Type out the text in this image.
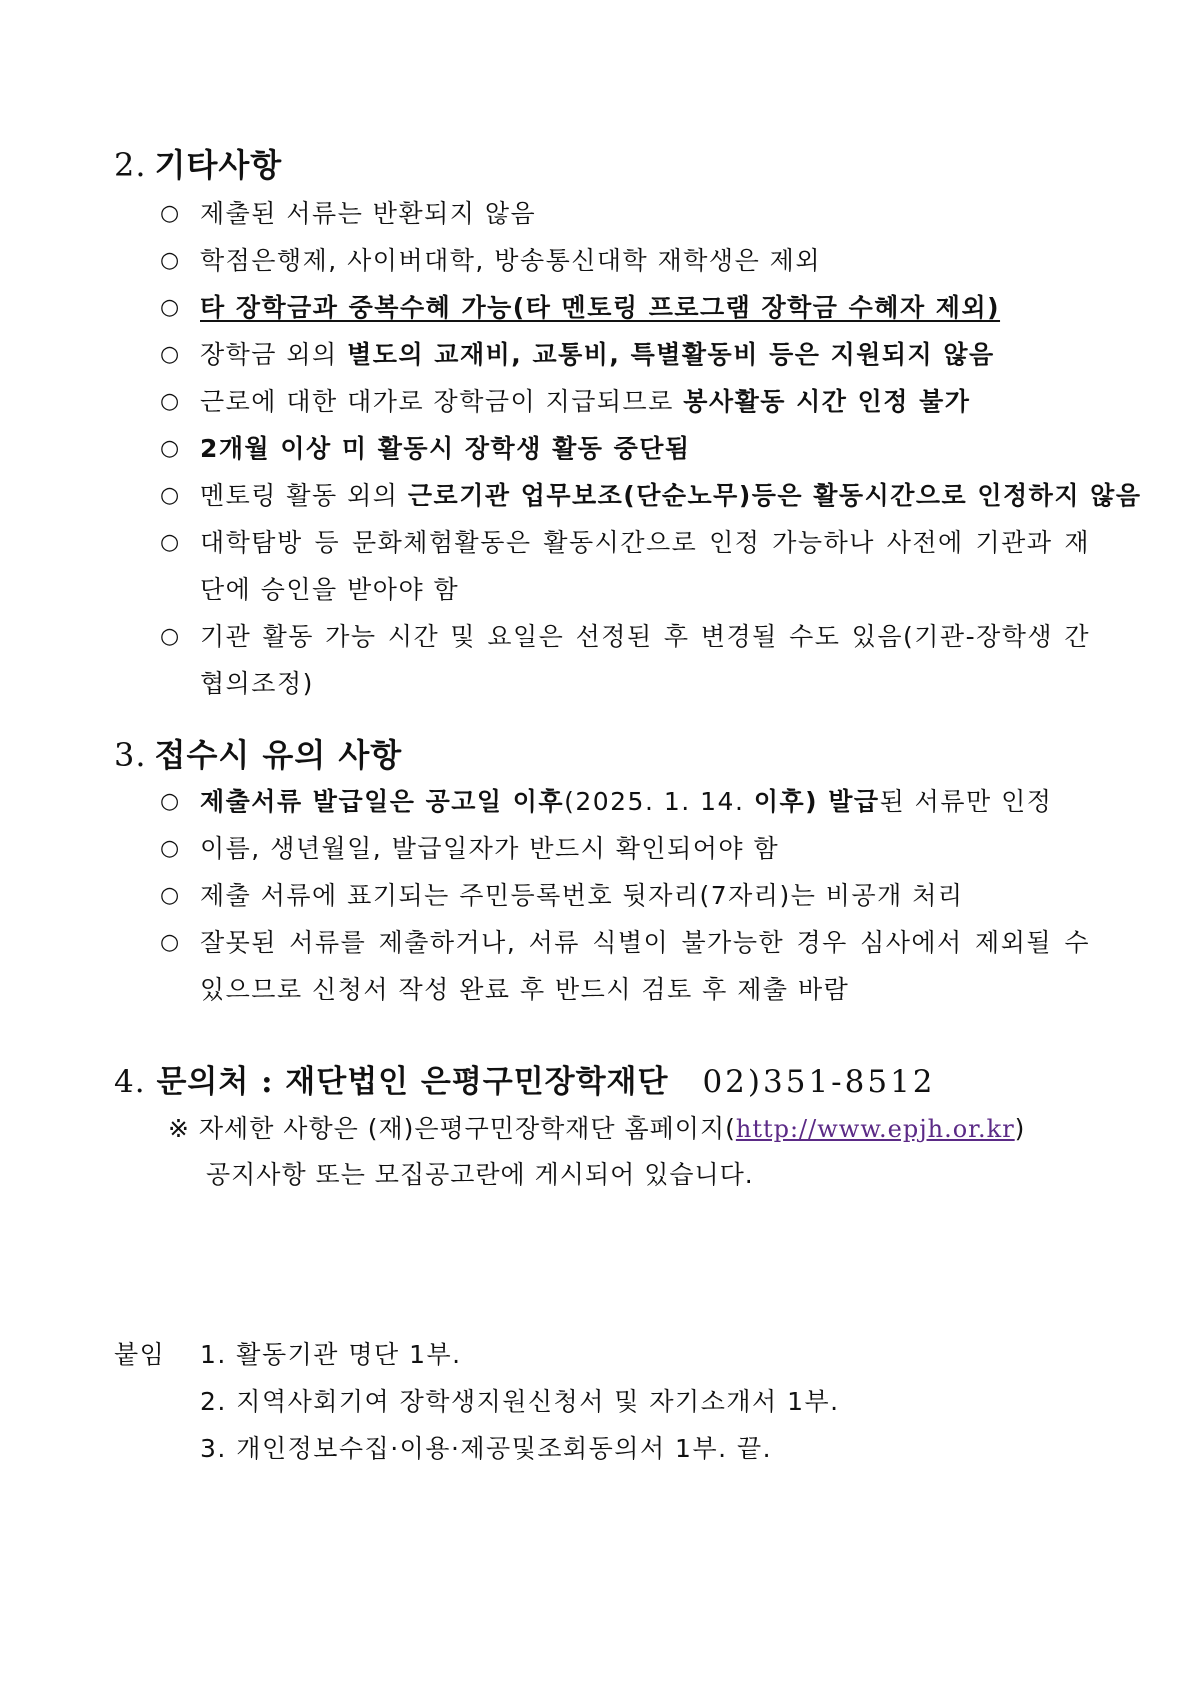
2. 기타사항
○ 제출된 서류는 반환되지 않음
○ 학점은행제, 사이버대학, 방송통신대학 재학생은 제외
○ 타 장학금과 중복수혜 가능(타 멘토링 프로그램 장학금 수혜자 제외)
○ 장학금 외의 별도의 교재비, 교통비, 특별활동비 등은 지원되지 않음
○ 근로에 대한 대가로 장학금이 지급되므로 봉사활동 시간 인정 불가
○ 2개월 이상 미 활동시 장학생 활동 중단됨
○ 멘토링 활동 외의 근로기관 업무보조(단순노무)등은 활동시간으로 인정하지 않음
○ 대학탐방 등 문화체험활동은 활동시간으로 인정 가능하나 사전에 기관과 재단에 승인을 받아야 함
○ 기관 활동 가능 시간 및 요일은 선정된 후 변경될 수도 있음(기관-장학생 간 협의조정)
3. 접수시 유의 사항
○ 제출서류 발급일은 공고일 이후(2025. 1. 14. 이후) 발급된 서류만 인정
○ 이름, 생년월일, 발급일자가 반드시 확인되어야 함
○ 제출 서류에 표기되는 주민등록번호 뒷자리(7자리)는 비공개 처리
○ 잘못된 서류를 제출하거나, 서류 식별이 불가능한 경우 심사에서 제외될 수 있으므로 신청서 작성 완료 후 반드시 검토 후 제출 바람
4. 문의처 : 재단법인 은평구민장학재단 02)351-8512
※ 자세한 사항은 (재)은평구민장학재단 홈페이지(http://www.epjh.or.kr)
공지사항 또는 모집공고란에 게시되어 있습니다.
붙임 1. 활동기관 명단 1부.
2. 지역사회기여 장학생지원신청서 및 자기소개서 1부.
3. 개인정보수집·이용·제공및조회동의서 1부. 끝.
